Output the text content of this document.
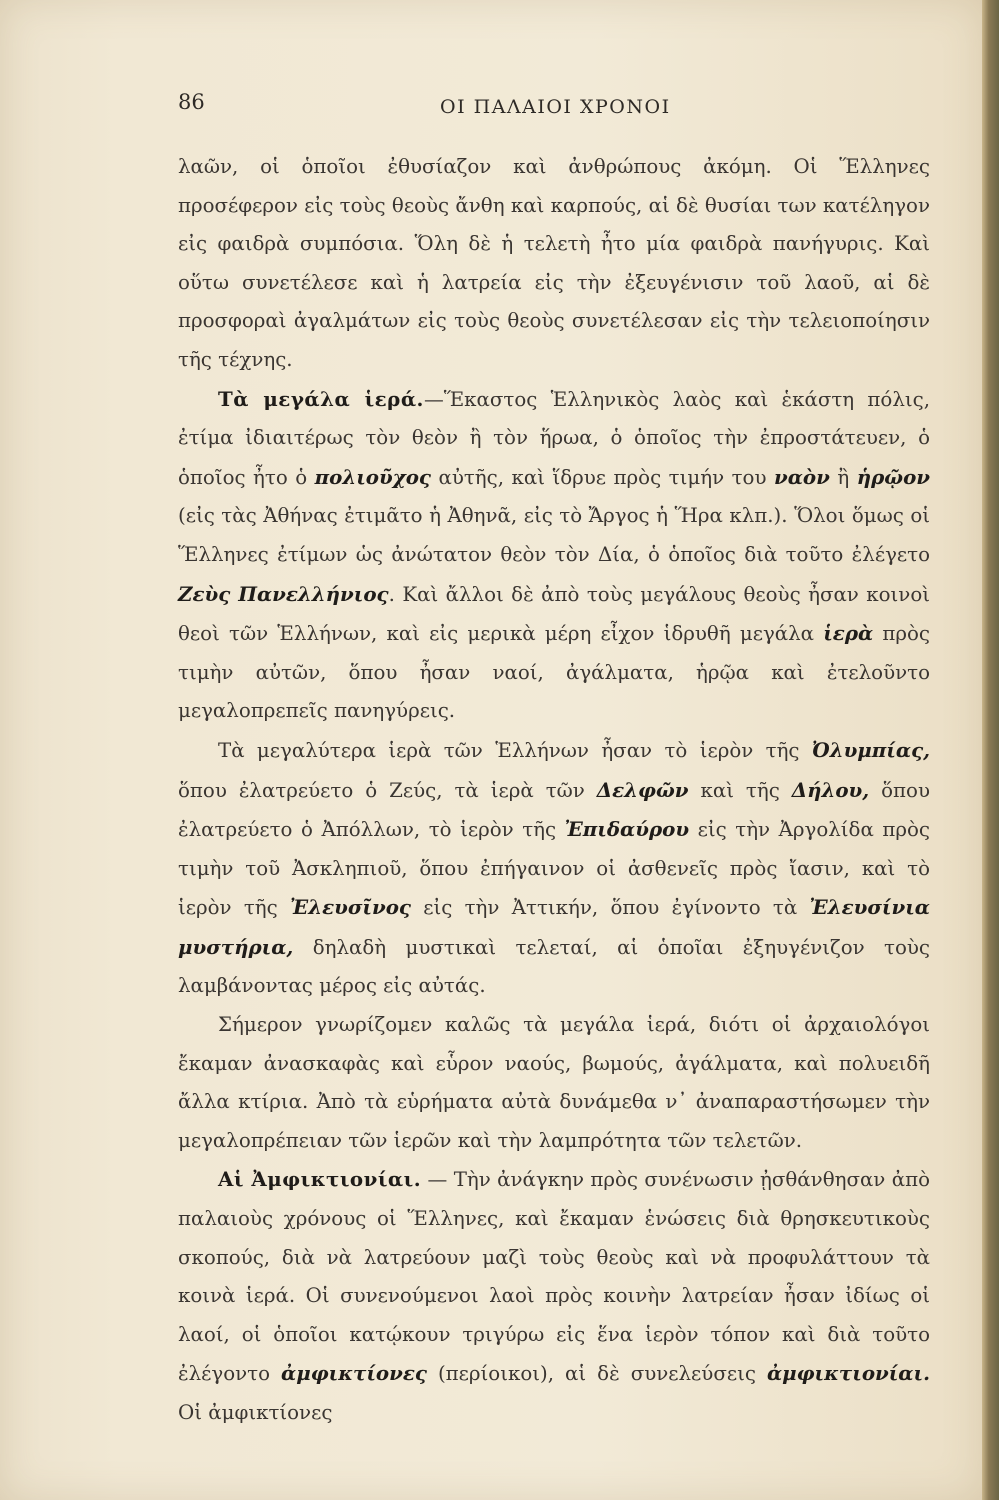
86	ΟΙ ΠΑΛΑΙΟΙ ΧΡΟΝΟΙ

λαῶν, οἱ ὁποῖοι ἐθυσίαζον καὶ ἀνθρώπους ἀκόμη. Οἱ Ἕλληνες προσέφερον εἰς τοὺς θεοὺς ἄνθη καὶ καρπούς, αἱ δὲ θυσίαι των κατέληγον εἰς φαιδρὰ συμπόσια. Ὅλη δὲ ἡ τελετὴ ἦτο μία φαιδρὰ πανήγυρις. Καὶ οὕτω συνετέλεσε καὶ ἡ λατρεία εἰς τὴν ἐξευγένισιν τοῦ λαοῦ, αἱ δὲ προσφοραὶ ἀγαλμάτων εἰς τοὺς θεοὺς συνετέλεσαν εἰς τὴν τελειοποίησιν τῆς τέχνης.

Τὰ μεγάλα ἱερά.—Ἕκαστος Ἑλληνικὸς λαὸς καὶ ἑκάστη πόλις, ἐτίμα ἰδιαιτέρως τὸν θεὸν ἢ τὸν ἥρωα, ὁ ὁποῖος τὴν ἐπροστάτευεν, ὁ ὁποῖος ἦτο ὁ πολιοῦχος αὐτῆς, καὶ ἵδρυε πρὸς τιμήν του ναὸν ἢ ἡρῷον (εἰς τὰς Ἀθήνας ἐτιμᾶτο ἡ Ἀθηνᾶ, εἰς τὸ Ἄργος ἡ Ἥρα κλπ.). Ὅλοι ὅμως οἱ Ἕλληνες ἐτίμων ὡς ἀνώτατον θεὸν τὸν Δία, ὁ ὁποῖος διὰ τοῦτο ἐλέγετο Ζεὺς Πανελλήνιος. Καὶ ἄλλοι δὲ ἀπὸ τοὺς μεγάλους θεοὺς ἦσαν κοινοὶ θεοὶ τῶν Ἑλλήνων, καὶ εἰς μερικὰ μέρη εἶχον ἱδρυθῆ μεγάλα ἱερὰ πρὸς τιμὴν αὐτῶν, ὅπου ἦσαν ναοί, ἀγάλματα, ἡρῷα καὶ ἐτελοῦντο μεγαλοπρεπεῖς πανηγύρεις.

Τὰ μεγαλύτερα ἱερὰ τῶν Ἑλλήνων ἦσαν τὸ ἱερὸν τῆς Ὀλυμπίας, ὅπου ἐλατρεύετο ὁ Ζεύς, τὰ ἱερὰ τῶν Δελφῶν καὶ τῆς Δήλου, ὅπου ἐλατρεύετο ὁ Ἀπόλλων, τὸ ἱερὸν τῆς Ἐπιδαύρου εἰς τὴν Ἀργολίδα πρὸς τιμὴν τοῦ Ἀσκληπιοῦ, ὅπου ἐπήγαινον οἱ ἀσθενεῖς πρὸς ἴασιν, καὶ τὸ ἱερὸν τῆς Ἐλευσῖνος εἰς τὴν Ἀττικήν, ὅπου ἐγίνοντο τὰ Ἐλευσίνια μυστήρια, δηλαδὴ μυστικαὶ τελεταί, αἱ ὁποῖαι ἐξηυγένιζον τοὺς λαμβάνοντας μέρος εἰς αὐτάς.

Σήμερον γνωρίζομεν καλῶς τὰ μεγάλα ἱερά, διότι οἱ ἀρχαιολόγοι ἔκαμαν ἀνασκαφὰς καὶ εὗρον ναούς, βωμούς, ἀγάλματα, καὶ πολυειδῆ ἄλλα κτίρια. Ἀπὸ τὰ εὑρήματα αὐτὰ δυνάμεθα ν᾽ ἀναπαραστήσωμεν τὴν μεγαλοπρέπειαν τῶν ἱερῶν καὶ τὴν λαμπρότητα τῶν τελετῶν.

Αἱ Ἀμφικτιονίαι. — Τὴν ἀνάγκην πρὸς συνένωσιν ᾐσθάνθησαν ἀπὸ παλαιοὺς χρόνους οἱ Ἕλληνες, καὶ ἔκαμαν ἑνώσεις διὰ θρησκευτικοὺς σκοπούς, διὰ νὰ λατρεύουν μαζὶ τοὺς θεοὺς καὶ νὰ προφυλάττουν τὰ κοινὰ ἱερά. Οἱ συνενούμενοι λαοὶ πρὸς κοινὴν λατρείαν ἦσαν ἰδίως οἱ λαοί, οἱ ὁποῖοι κατῴκουν τριγύρω εἰς ἕνα ἱερὸν τόπον καὶ διὰ τοῦτο ἐλέγοντο ἀμφικτίονες (περίοικοι), αἱ δὲ συνελεύσεις ἀμφικτιονίαι. Οἱ ἀμφικτίονες
